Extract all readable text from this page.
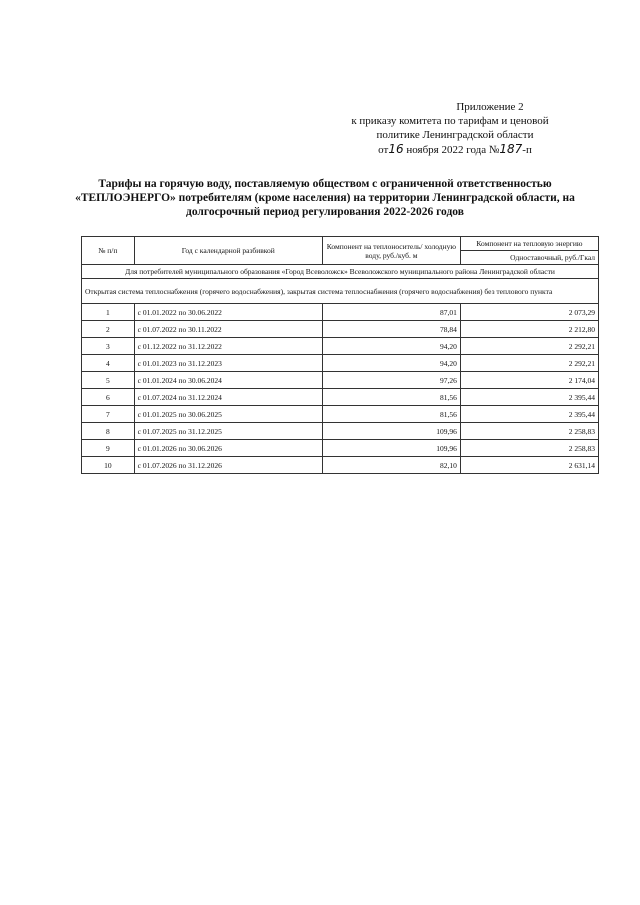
Приложение 2
к приказу комитета по тарифам и ценовой
политике Ленинградской области
от16 ноября 2022 года №187-п
Тарифы на горячую воду, поставляемую обществом с ограниченной ответственностью «ТЕПЛОЭНЕРГО» потребителям (кроме населения) на территории Ленинградской области, на долгосрочный период регулирования 2022-2026 годов
№ п/п	Год с календарной разбивкой	Компонент на теплоноситель/ холодную воду, руб./куб. м	Компонент на тепловую энергию
			Одноставочный, руб./Гкал
Для потребителей муниципального образования «Город Всеволожск» Всеволожского муниципального района Ленинградской области			
Открытая система теплоснабжения (горячего водоснабжения), закрытая система теплоснабжения (горячего водоснабжения) без теплового пункта			
1	с 01.01.2022 по 30.06.2022	87,01	2 073,29
2	с 01.07.2022 по 30.11.2022	78,84	2 212,80
3	с 01.12.2022 по 31.12.2022	94,20	2 292,21
4	с 01.01.2023 по 31.12.2023	94,20	2 292,21
5	с 01.01.2024 по 30.06.2024	97,26	2 174,04
6	с 01.07.2024 по 31.12.2024	81,56	2 395,44
7	с 01.01.2025 по 30.06.2025	81,56	2 395,44
8	с 01.07.2025 по 31.12.2025	109,96	2 258,83
9	с 01.01.2026 по 30.06.2026	109,96	2 258,83
10	с 01.07.2026 по 31.12.2026	82,10	2 631,14
